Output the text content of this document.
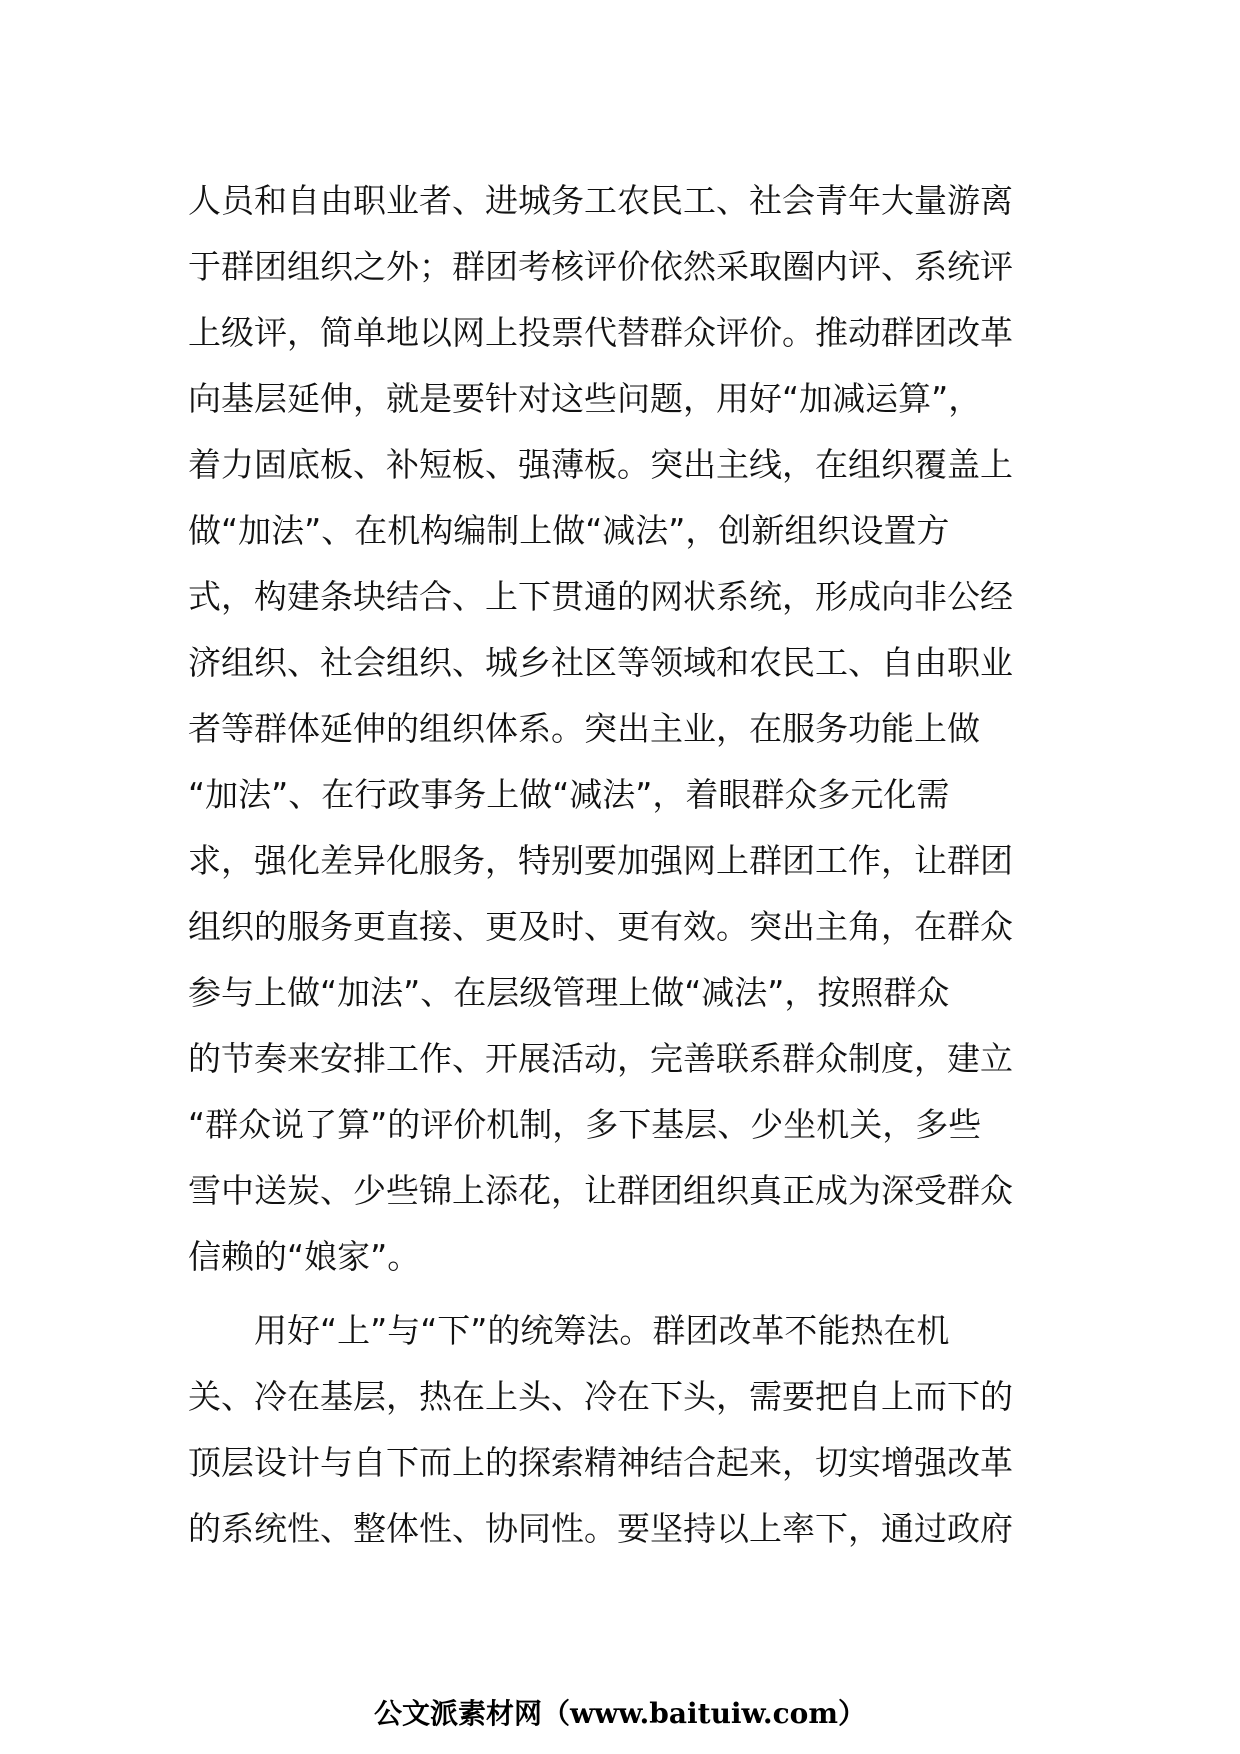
人员和自由职业者、进城务工农民工、社会青年大量游离
于群团组织之外；群团考核评价依然采取圈内评、系统评
上级评，简单地以网上投票代替群众评价。推动群团改革
向基层延伸，就是要针对这些问题，用好“加减运算”，
着力固底板、补短板、强薄板。突出主线，在组织覆盖上
做“加法”、在机构编制上做“减法”，创新组织设置方
式，构建条块结合、上下贯通的网状系统，形成向非公经
济组织、社会组织、城乡社区等领域和农民工、自由职业
者等群体延伸的组织体系。突出主业，在服务功能上做
“加法”、在行政事务上做“减法”，着眼群众多元化需
求，强化差异化服务，特别要加强网上群团工作，让群团
组织的服务更直接、更及时、更有效。突出主角，在群众
参与上做“加法”、在层级管理上做“减法”，按照群众
的节奏来安排工作、开展活动，完善联系群众制度，建立
“群众说了算”的评价机制，多下基层、少坐机关，多些
雪中送炭、少些锦上添花，让群团组织真正成为深受群众
信赖的“娘家”。
　　用好“上”与“下”的统筹法。群团改革不能热在机
关、冷在基层，热在上头、冷在下头，需要把自上而下的
顶层设计与自下而上的探索精神结合起来，切实增强改革
的系统性、整体性、协同性。要坚持以上率下，通过政府
公文派素材网（www.baituiw.com）
